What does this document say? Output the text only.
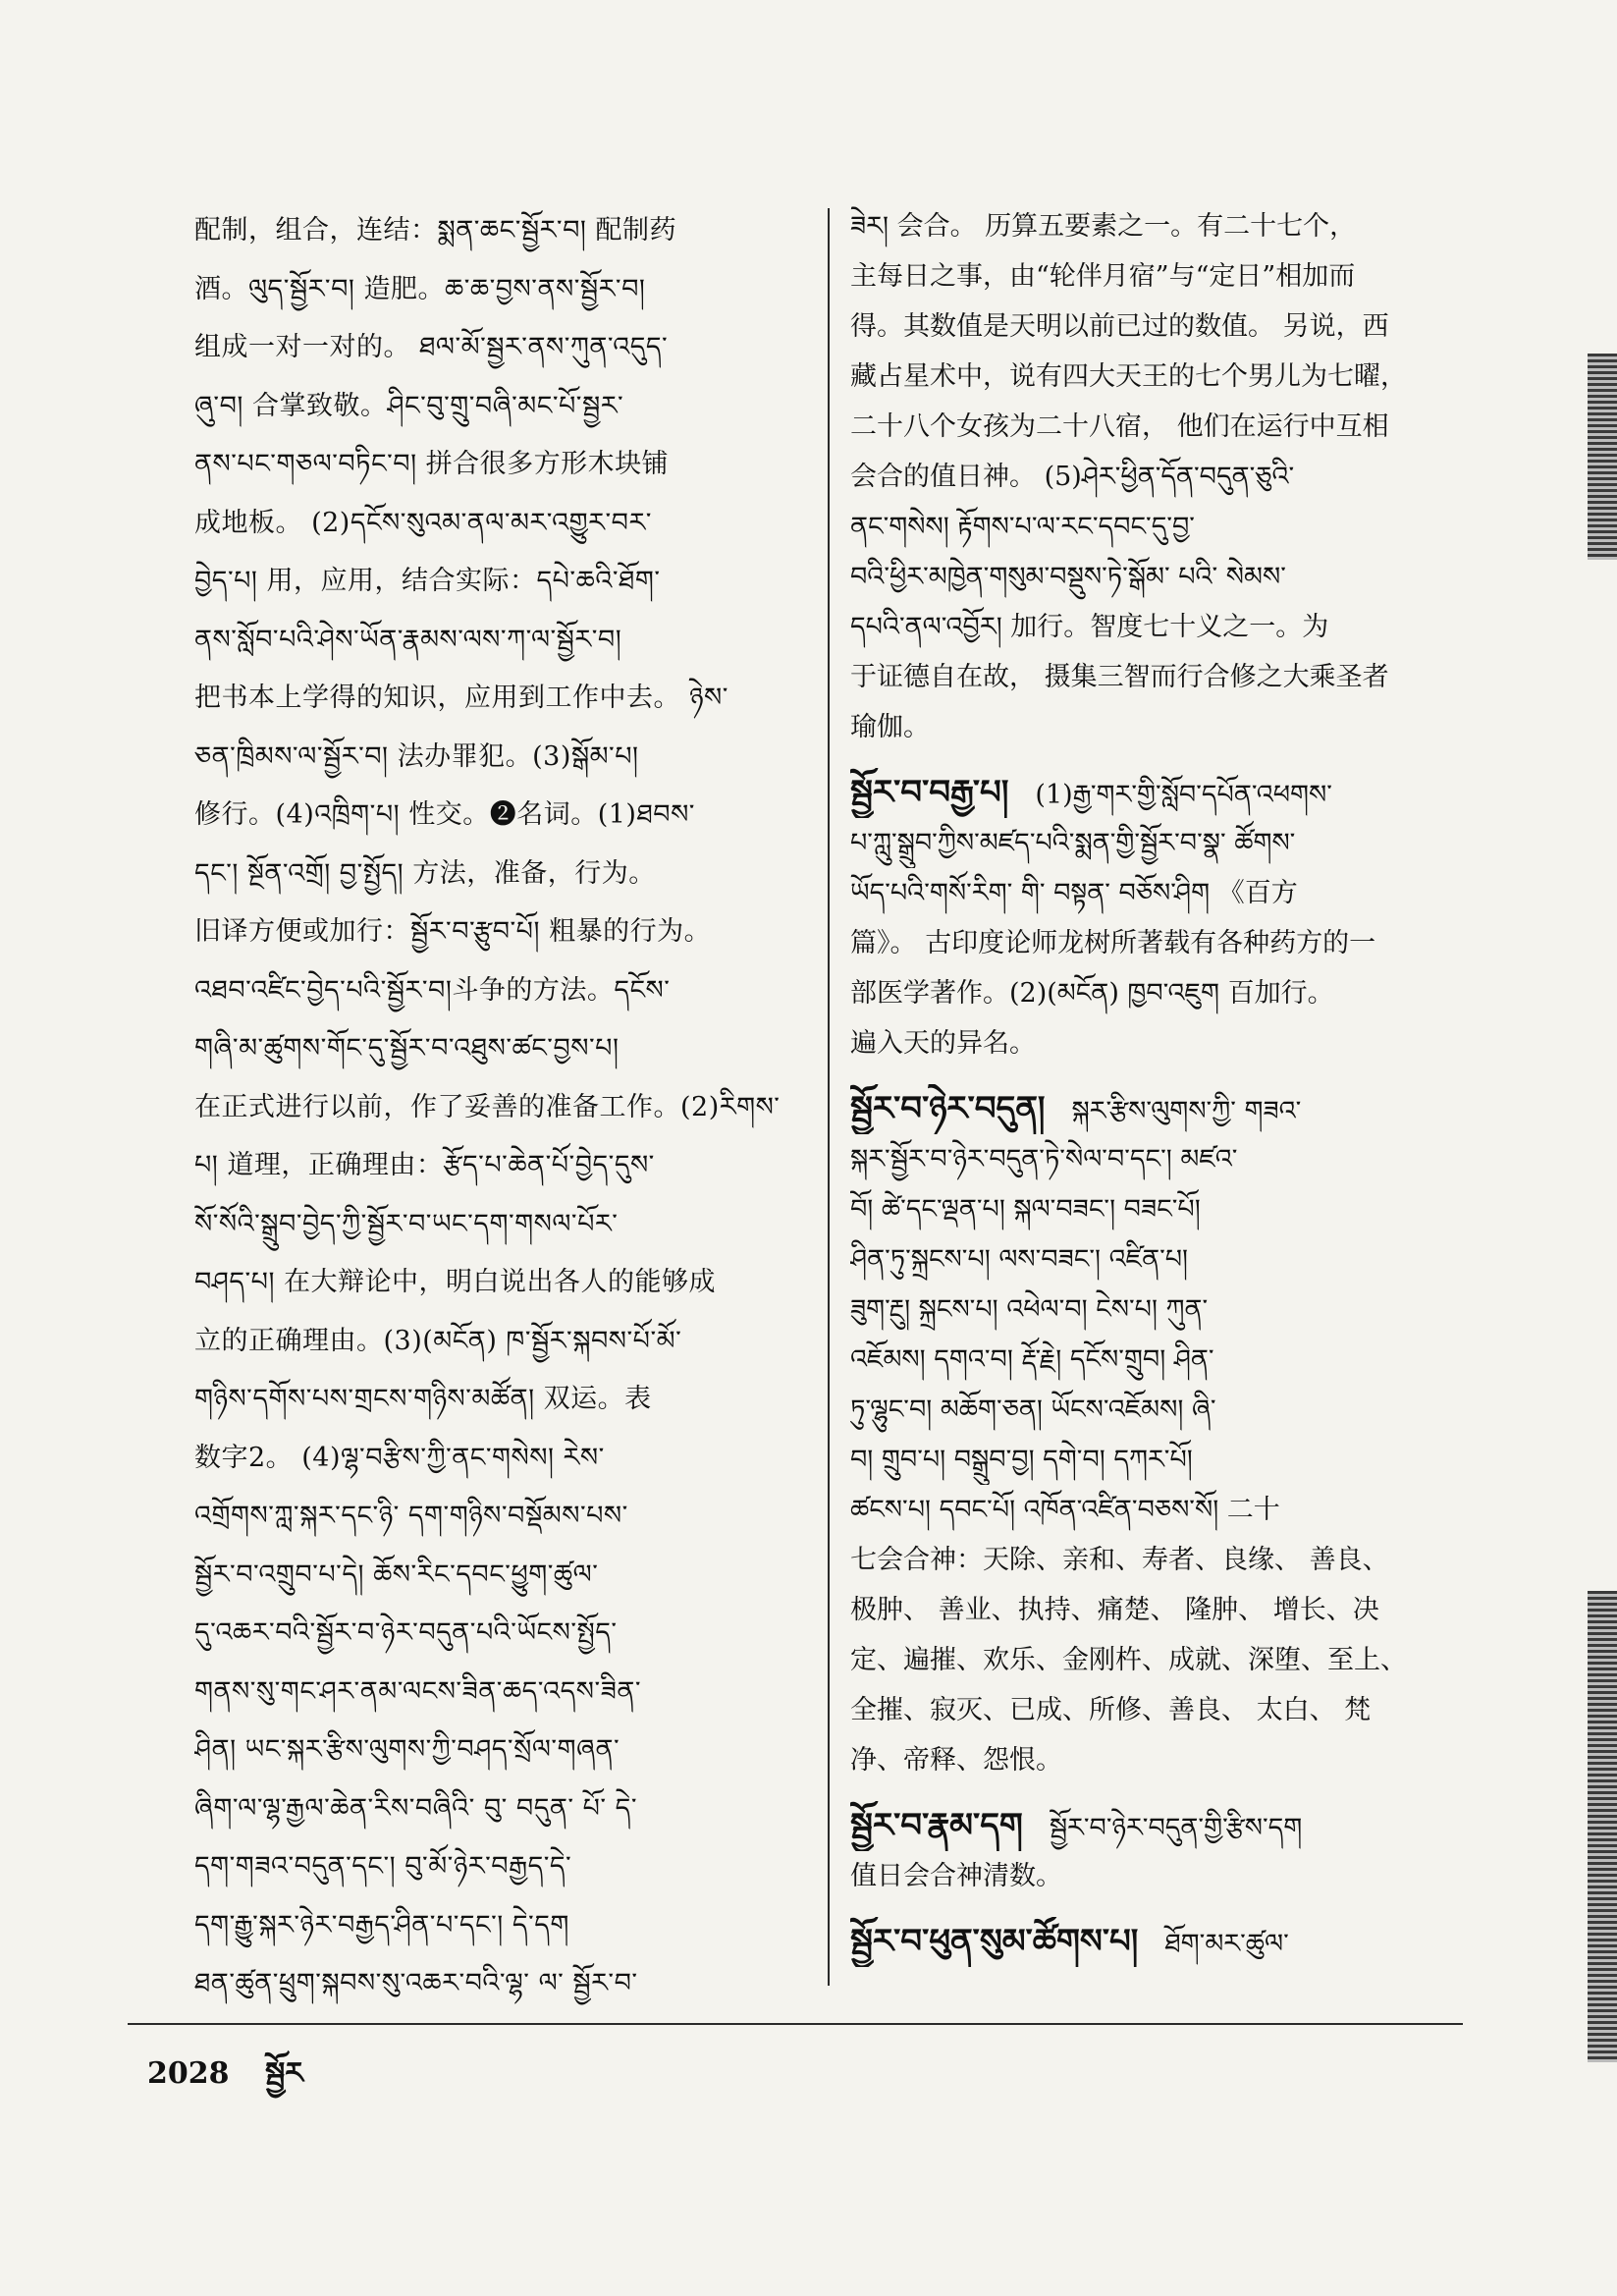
配制，组合，连结：སྨན་ཆང་སྦྱོར་བ། 配制药
酒。ལུད་སྦྱོར་བ། 造肥。ཆ་ཆ་བྱས་ནས་སྦྱོར་བ།
组成一对一对的。 ཐལ་མོ་སྦྱར་ནས་ཀུན་འདུད་
ཞུ་བ། 合掌致敬。ཤིང་བུ་གྲུ་བཞི་མང་པོ་སྦྱར་
ནས་པང་གཅལ་བཏིང་བ། 拼合很多方形木块铺
成地板。 (2)དངོས་སུའམ་ནལ་མར་འགྱུར་བར་
བྱེད་པ། 用，应用，结合实际：དཔེ་ཆའི་ཐོག་
ནས་སློབ་པའི་ཤེས་ཡོན་རྣམས་ལས་ཀ་ལ་སྦྱོར་བ།
把书本上学得的知识，应用到工作中去。 ཉེས་
ཅན་ཁྲིམས་ལ་སྦྱོར་བ། 法办罪犯。(3)སྒོམ་པ།
修行。(4)འཁྲིག་པ། 性交。❷名词。(1)ཐབས་
དང་། སྔོན་འགྲོ། བྱ་སྤྱོད། 方法，准备，行为。
旧译方便或加行：སྦྱོར་བ་རྩུབ་པོ། 粗暴的行为。
འཐབ་འཛིང་བྱེད་པའི་སྦྱོར་བ།斗争的方法。དངོས་
གཞི་མ་ཚུགས་གོང་དུ་སྦྱོར་བ་འཐུས་ཚང་བྱས་པ།
在正式进行以前，作了妥善的准备工作。(2)རིགས་
པ། 道理，正确理由：རྩོད་པ་ཆེན་པོ་བྱེད་དུས་
སོ་སོའི་སྒྲུབ་བྱེད་ཀྱི་སྦྱོར་བ་ཡང་དག་གསལ་པོར་
བཤད་པ། 在大辩论中，明白说出各人的能够成
立的正确理由。(3)(མངོན) ཁ་སྦྱོར་སྐབས་པོ་མོ་
གཉིས་དགོས་པས་གྲངས་གཉིས་མཚོན། 双运。表
数字2。 (4)ལྷ་བརྩིས་ཀྱི་ནང་གསེས། རེས་
འགྲོགས་ཀླ་སྐར་དང་ཉི་ དག་གཉིས་བསྡོམས་པས་
སྦྱོར་བ་འགྲུབ་པ་དེ། ཆོས་རིང་དབང་ཕྱུག་ཚུལ་
དུ་འཆར་བའི་སྦྱོར་བ་ཉེར་བདུན་པའི་ཡོངས་སྤྱོད་
གནས་སུ་གང་ཤར་ནམ་ལངས་ཟིན་ཆད་འདས་ཟིན་
ཤིན། ཡང་སྐར་རྩིས་ལུགས་ཀྱི་བཤད་སྲོལ་གཞན་
ཞིག་ལ་ལྷ་རྒྱལ་ཆེན་རིས་བཞིའི་ བུ་ བདུན་ པོ་ དེ་
དག་གཟའ་བདུན་དང་། བུ་མོ་ཉེར་བརྒྱད་དེ་
དག་རྒྱུ་སྐར་ཉེར་བརྒྱད་ཤིན་པ་དང་། དེ་དག
ཐན་ཚུན་ཕྲུག་སྐབས་སུ་འཆར་བའི་ལྷ་ ལ་ སྦྱོར་བ་
ཟེར། 会合。 历算五要素之一。有二十七个，
主每日之事，由“轮伴月宿”与“定日”相加而
得。其数值是天明以前已过的数值。 另说，西
藏占星术中，说有四大天王的七个男儿为七曜，
二十八个女孩为二十八宿， 他们在运行中互相
会合的值日神。 (5)ཤེར་ཕྱིན་དོན་བདུན་ཅུའི་
ནང་གསེས། རྟོགས་པ་ལ་རང་དབང་དུ་བྱ་
བའི་ཕྱིར་མཁྱེན་གསུམ་བསྡུས་ཏེ་སྒོམ་ པའི་ སེམས་
དཔའི་ནལ་འབྱོར། 加行。智度七十义之一。为
于证德自在故， 摄集三智而行合修之大乘圣者
瑜伽。
སྦྱོར་བ་བརྒྱ་པ།  (1)རྒྱ་གར་གྱི་སློབ་དཔོན་འཕགས་
པ་ཀླུ་སྒྲུབ་ཀྱིས་མཛད་པའི་སྨན་གྱི་སྦྱོར་བ་སྣ་ ཚོགས་
ཡོད་པའི་གསོ་རིག་ གི་ བསྟན་ བཅོས་ཤིག 《百方
篇》。 古印度论师龙树所著载有各种药方的一
部医学著作。(2)(མངོན) ཁྱབ་འཇུག 百加行。
遍入天的异名。
སྦྱོར་བ་ཉེར་བདུན།  སྐར་རྩིས་ལུགས་ཀྱི་ གཟའ་
སྐར་སྦྱོར་བ་ཉེར་བདུན་ཏེ་སེལ་བ་དང་། མཛའ་
བོ། ཚེ་དང་ལྡན་པ། སྐལ་བཟང་། བཟང་པོ།
ཤིན་ཏུ་སྐྲངས་པ། ལས་བཟང་། འཛིན་པ།
ཟུག་རྔུ། སྐྲངས་པ། འཕེལ་བ། ངེས་པ། ཀུན་
འཇོམས། དགའ་བ། རྡོ་རྗེ། དངོས་གྲུབ། ཤིན་
ཏུ་ལྷུང་བ། མཆོག་ཅན། ཡོངས་འཇོམས། ཞི་
བ། གྲུབ་པ། བསྒྲུབ་བྱ། དགེ་བ། དཀར་པོ།
ཚངས་པ། དབང་པོ། འཁོན་འཛིན་བཅས་སོ། 二十
七会合神：天除、亲和、寿者、良缘、 善良、
极肿、 善业、执持、痛楚、 隆肿、 增长、决
定、遍摧、欢乐、金刚杵、成就、深堕、至上、
全摧、寂灭、已成、所修、善良、 太白、 梵
净、帝释、怨恨。
སྦྱོར་བ་རྣམ་དག  སྦྱོར་བ་ཉེར་བདུན་གྱི་རྩིས་དག
值日会合神清数。
སྦྱོར་བ་ཕུན་སུམ་ཚོགས་པ།  ཐོག་མར་ཚུལ་
2028 སྦྱོར
